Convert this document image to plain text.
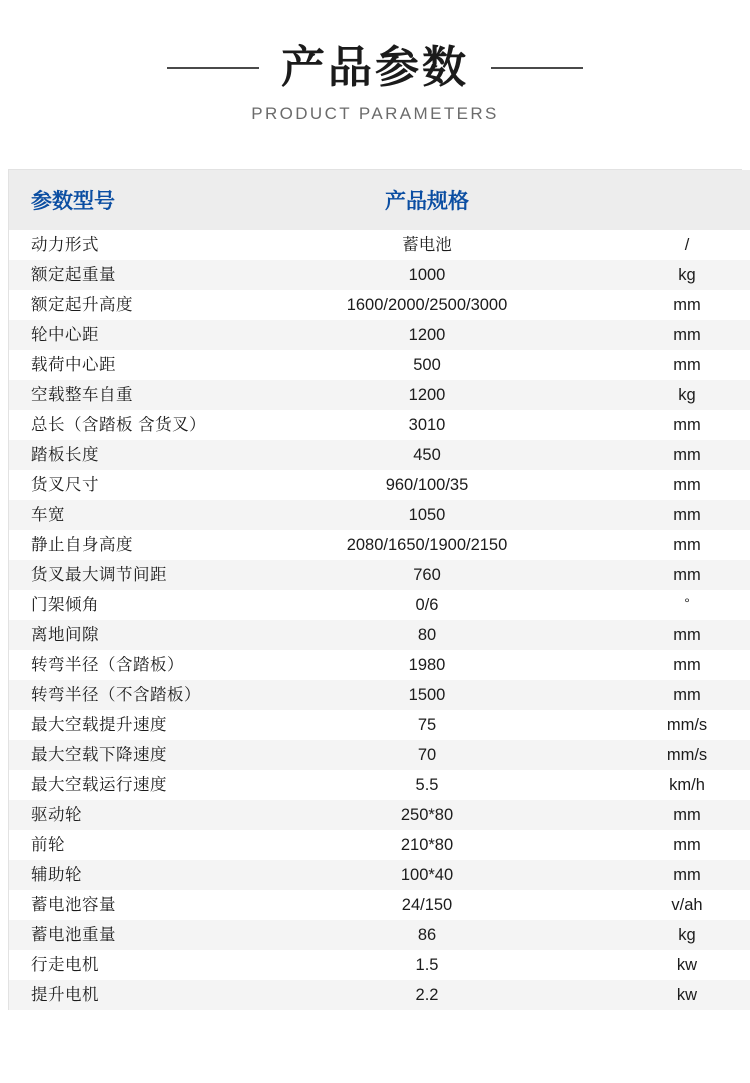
产品参数
PRODUCT PARAMETERS
参数型号	产品规格	
动力形式	蓄电池	/
额定起重量	1000	kg
额定起升高度	1600/2000/2500/3000	mm
轮中心距	1200	mm
载荷中心距	500	mm
空载整车自重	1200	kg
总长（含踏板 含货叉）	3010	mm
踏板长度	450	mm
货叉尺寸	960/100/35	mm
车宽	1050	mm
静止自身高度	2080/1650/1900/2150	mm
货叉最大调节间距	760	mm
门架倾角	0/6	°
离地间隙	80	mm
转弯半径（含踏板）	1980	mm
转弯半径（不含踏板）	1500	mm
最大空载提升速度	75	mm/s
最大空载下降速度	70	mm/s
最大空载运行速度	5.5	km/h
驱动轮	250*80	mm
前轮	210*80	mm
辅助轮	100*40	mm
蓄电池容量	24/150	v/ah
蓄电池重量	86	kg
行走电机	1.5	kw
提升电机	2.2	kw
